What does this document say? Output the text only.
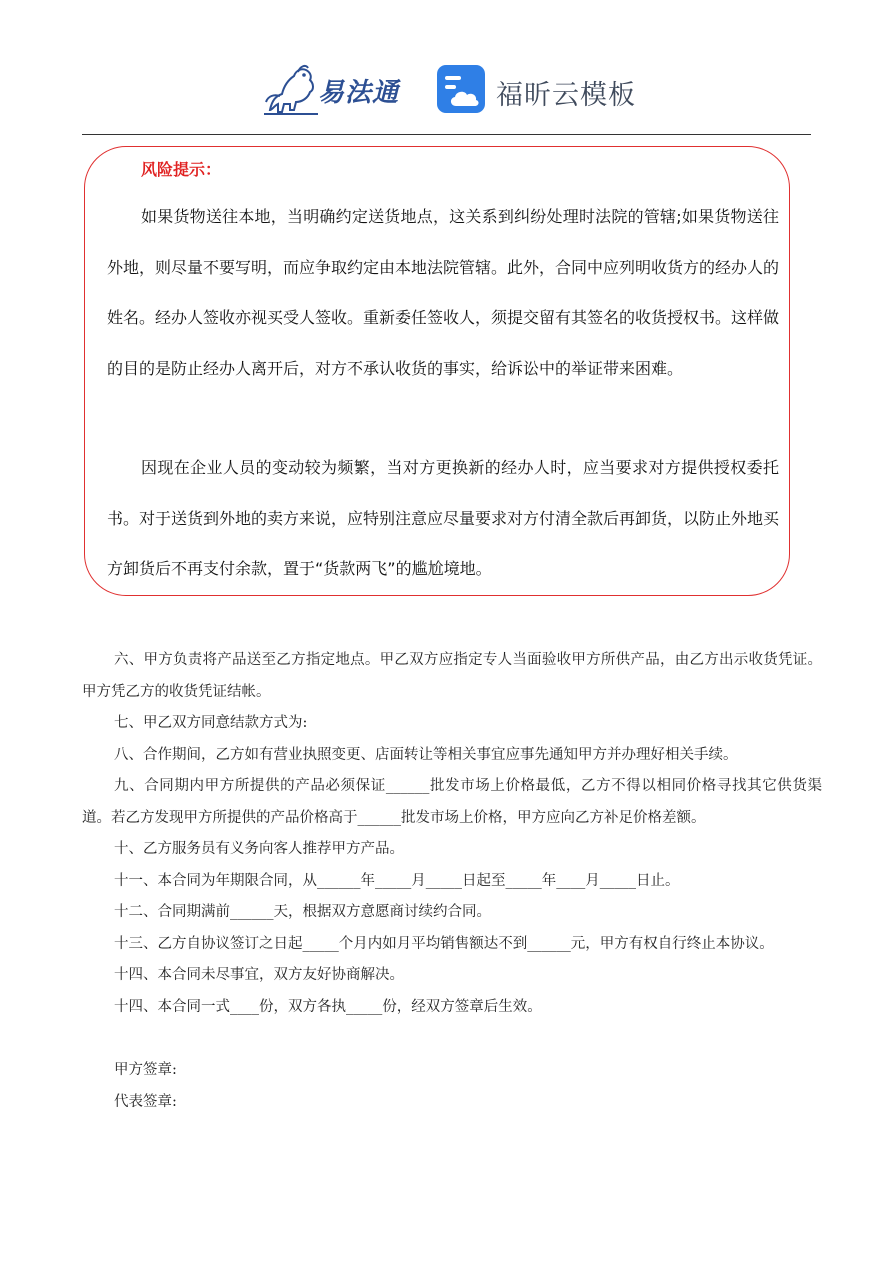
易法通	福昕云模板
风险提示：

如果货物送往本地，当明确约定送货地点，这关系到纠纷处理时法院的管辖;如果货物送往外地，则尽量不要写明，而应争取约定由本地法院管辖。此外，合同中应列明收货方的经办人的姓名。经办人签收亦视买受人签收。重新委任签收人，须提交留有其签名的收货授权书。这样做的目的是防止经办人离开后，对方不承认收货的事实，给诉讼中的举证带来困难。

因现在企业人员的变动较为频繁，当对方更换新的经办人时，应当要求对方提供授权委托书。对于送货到外地的卖方来说，应特别注意应尽量要求对方付清全款后再卸货，以防止外地买方卸货后不再支付余款，置于“货款两飞”的尴尬境地。

六、甲方负责将产品送至乙方指定地点。甲乙双方应指定专人当面验收甲方所供产品，由乙方出示收货凭证。甲方凭乙方的收货凭证结帐。

七、甲乙双方同意结款方式为:

八、合作期间，乙方如有营业执照变更、店面转让等相关事宜应事先通知甲方并办理好相关手续。

九、合同期内甲方所提供的产品必须保证______批发市场上价格最低，乙方不得以相同价格寻找其它供货渠道。若乙方发现甲方所提供的产品价格高于______批发市场上价格，甲方应向乙方补足价格差额。

十、乙方服务员有义务向客人推荐甲方产品。

十一、本合同为年期限合同，从______年_____月_____日起至_____年____月_____日止。

十二、合同期满前______天，根据双方意愿商讨续约合同。

十三、乙方自协议签订之日起_____个月内如月平均销售额达不到______元，甲方有权自行终止本协议。

十四、本合同未尽事宜，双方友好协商解决。

十四、本合同一式____份，双方各执_____份，经双方签章后生效。

甲方签章:

代表签章:
